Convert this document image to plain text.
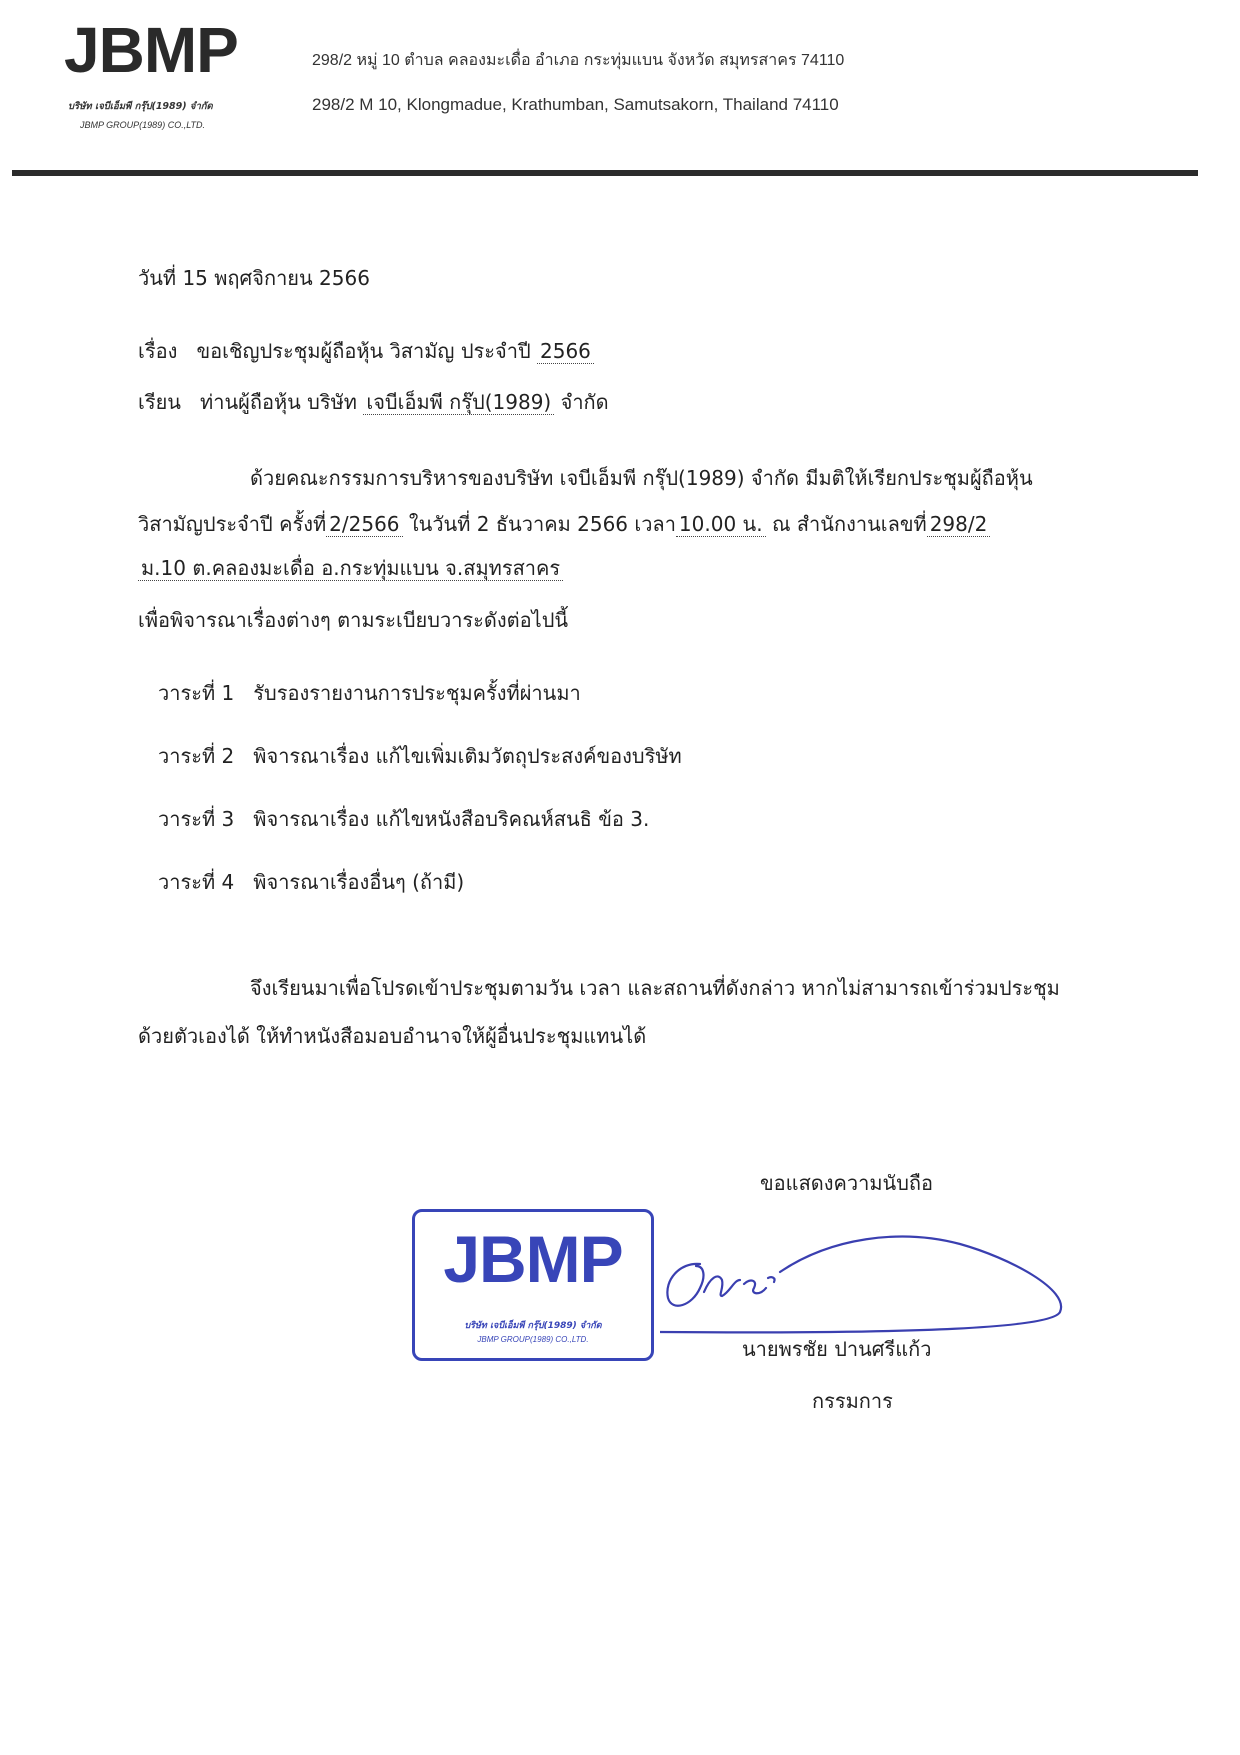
JBMP
บริษัท เจบีเอ็มพี กรุ๊ป(1989) จำกัด
JBMP GROUP(1989) CO.,LTD.
298/2 หมู่ 10 ตำบล คลองมะเดื่อ อำเภอ กระทุ่มแบน จังหวัด สมุทรสาคร 74110
298/2 M 10, Klongmadue, Krathumban, Samutsakorn, Thailand 74110
วันที่ 15 พฤศจิกายน 2566
เรื่อง ขอเชิญประชุมผู้ถือหุ้น วิสามัญ ประจำปี 2566
เรียน ท่านผู้ถือหุ้น บริษัท เจบีเอ็มพี กรุ๊ป(1989) จำกัด
ด้วยคณะกรรมการบริหารของบริษัท เจบีเอ็มพี กรุ๊ป(1989) จำกัด มีมติให้เรียกประชุมผู้ถือหุ้น
วิสามัญประจำปี ครั้งที่ 2/2566 ในวันที่ 2 ธันวาคม 2566 เวลา 10.00 น. ณ สำนักงานเลขที่ 298/2
ม.10 ต.คลองมะเดื่อ อ.กระทุ่มแบน จ.สมุทรสาคร
เพื่อพิจารณาเรื่องต่างๆ ตามระเบียบวาระดังต่อไปนี้
วาระที่ 1 รับรองรายงานการประชุมครั้งที่ผ่านมา
วาระที่ 2 พิจารณาเรื่อง แก้ไขเพิ่มเติมวัตถุประสงค์ของบริษัท
วาระที่ 3 พิจารณาเรื่อง แก้ไขหนังสือบริคณห์สนธิ ข้อ 3.
วาระที่ 4 พิจารณาเรื่องอื่นๆ (ถ้ามี)
จึงเรียนมาเพื่อโปรดเข้าประชุมตามวัน เวลา และสถานที่ดังกล่าว หากไม่สามารถเข้าร่วมประชุม
ด้วยตัวเองได้ ให้ทำหนังสือมอบอำนาจให้ผู้อื่นประชุมแทนได้
ขอแสดงความนับถือ
JBMP
บริษัท เจบีเอ็มพี กรุ๊ป(1989) จำกัด
JBMP GROUP(1989) CO.,LTD.	นายพรชัย ปานศรีแก้ว
กรรมการ
